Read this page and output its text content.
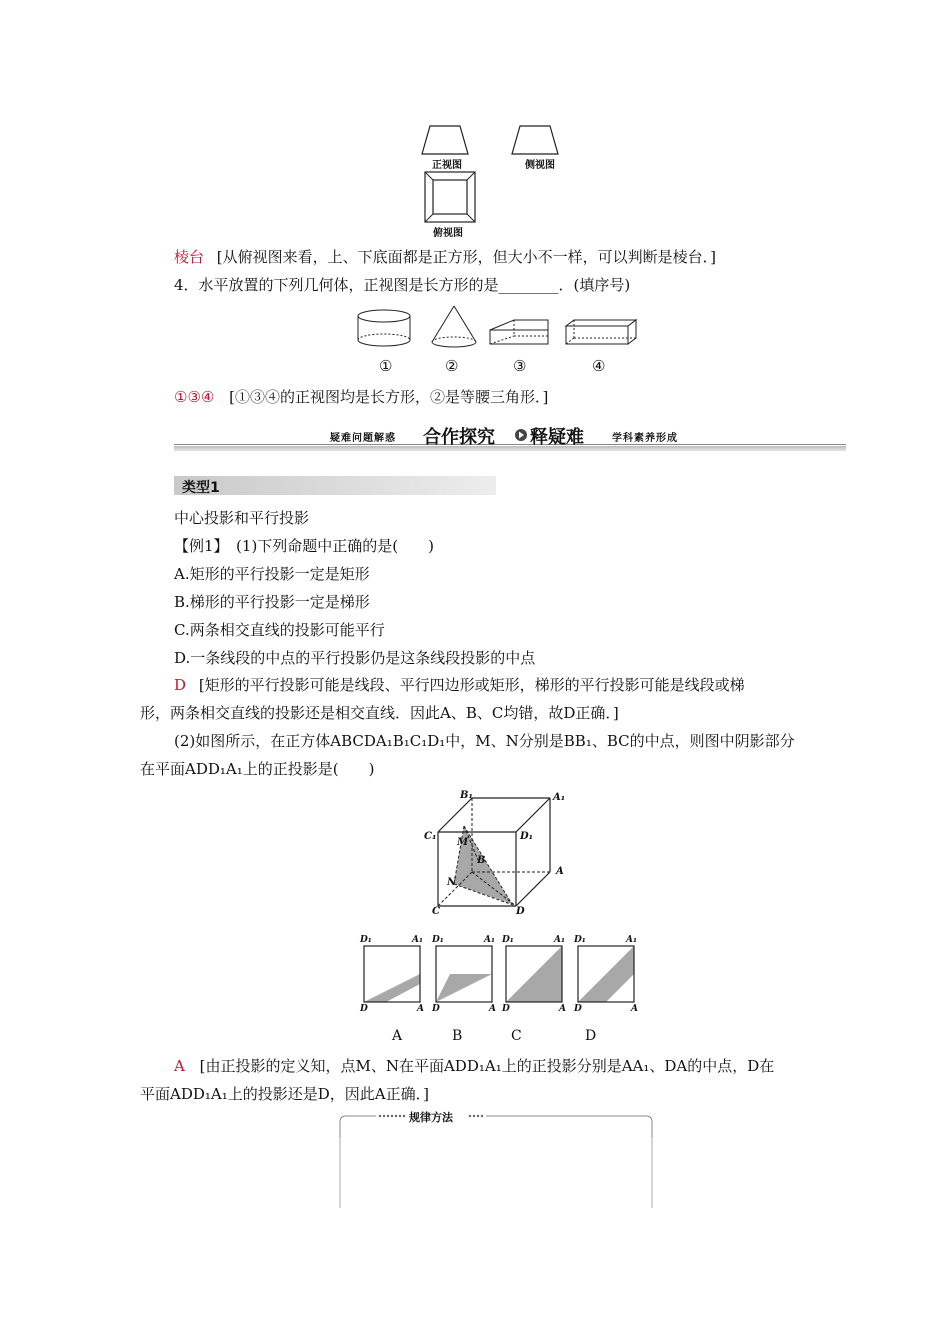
正视图	侧视图
俯视图
棱台 [从俯视图来看，上、下底面都是正方形，但大小不一样，可以判断是棱台．]
4．水平放置的下列几何体，正视图是长方形的是________．(填序号)
①	②	③	④
①③④ [①③④的正视图均是长方形，②是等腰三角形．]
疑难问题解惑 合作探究 释疑难	学科素养形成
类型1
中心投影和平行投影
【例1】　(1)下列命题中正确的是(　　)
A.矩形的平行投影一定是矩形
B.梯形的平行投影一定是梯形
C.两条相交直线的投影可能平行
D.一条线段的中点的平行投影仍是这条线段投影的中点
D [矩形的平行投影可能是线段、平行四边形或矩形，梯形的平行投影可能是线段或梯
形，两条相交直线的投影还是相交直线．因此A、B、C均错，故D正确．]
(2)如图所示，在正方体ABCDA₁B₁C₁D₁中，M、N分别是BB₁、BC的中点，则图中阴影部分
在平面ADD₁A₁上的正投影是(　　)
B₁	A₁
C₁	D₁
M
B
N
A
C	D
D₁	A₁
D	A
D₁	A₁
D	A
D₁	A₁
D	A
D₁	A₁
D	A
A	B	C	D
A [由正投影的定义知，点M、N在平面ADD₁A₁上的正投影分别是AA₁、DA的中点，D在
平面ADD₁A₁上的投影还是D，因此A正确．]
规律方法
